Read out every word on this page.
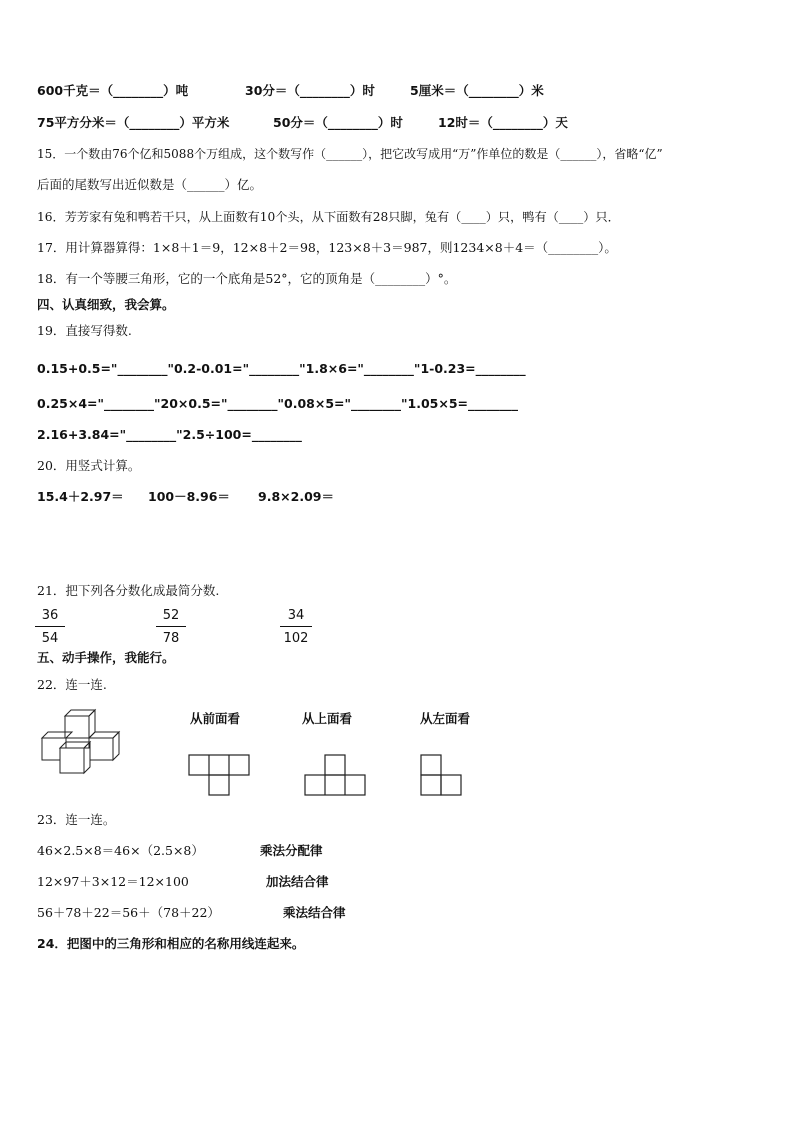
600千克＝（________）吨	30分＝（________）时	5厘米＝（________）米
75平方分米＝（________）平方米	50分＝（________）时	12时＝（________）天
15．一个数由76个亿和5088个万组成，这个数写作（______），把它改写成用“万”作单位的数是（______），省略“亿”
后面的尾数写出近似数是（______）亿。
16．芳芳家有兔和鸭若干只，从上面数有10个头，从下面数有28只脚，兔有（____）只，鸭有（____）只．
17．用计算器算得：1×8＋1＝9，12×8＋2＝98，123×8＋3＝987，则1234×8＋4＝（________）。
18．有一个等腰三角形，它的一个底角是52°，它的顶角是（________）°。
四、认真细致，我会算。
19．直接写得数.
0.15+0.5="________"0.2-0.01="________"1.8×6="________"1-0.23=________
0.25×4="________"20×0.5="________"0.08×5="________"1.05×5=________
2.16+3.84="________"2.5÷100=________
20．用竖式计算。
15.4＋2.97＝ 100－8.96＝ 9.8×2.09＝
21．把下列各分数化成最简分数.
36
54
52
78
34
102
五、动手操作，我能行。
22．连一连.
从前面看	从上面看	从左面看
23．连一连。
46×2.5×8＝46×（2.5×8）	乘法分配律
12×97＋3×12＝12×100	加法结合律
56＋78＋22＝56＋（78＋22）	乘法结合律
24．把图中的三角形和相应的名称用线连起来。
